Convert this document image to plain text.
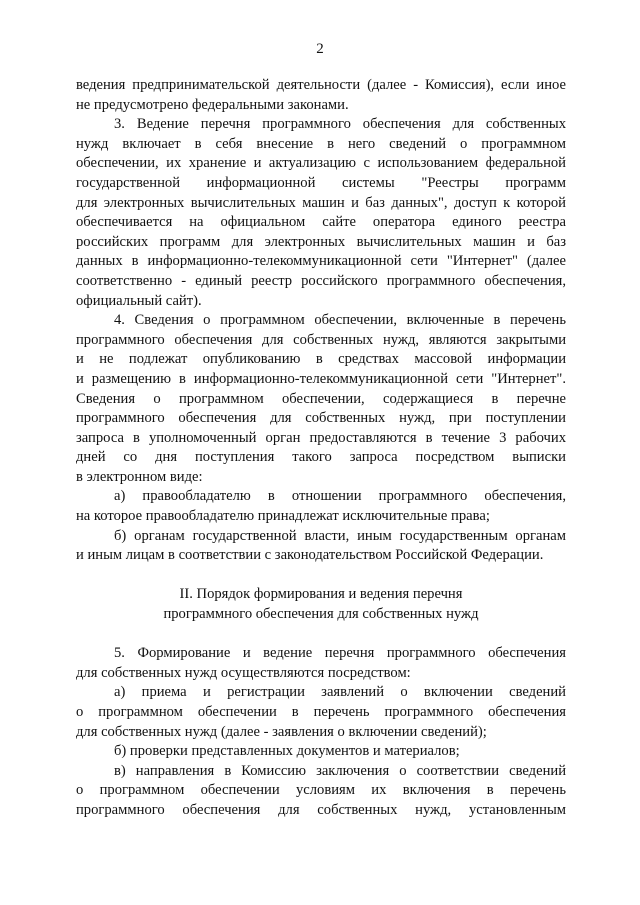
2
ведения предпринимательской деятельности (далее - Комиссия), если иное
не предусмотрено федеральными законами.
3. Ведение перечня программного обеспечения для собственных
нужд включает в себя внесение в него сведений о программном
обеспечении, их хранение и актуализацию с использованием федеральной
государственной информационной системы "Реестры программ
для электронных вычислительных машин и баз данных", доступ к которой
обеспечивается на официальном сайте оператора единого реестра
российских программ для электронных вычислительных машин и баз
данных в информационно-телекоммуникационной сети "Интернет" (далее
соответственно - единый реестр российского программного обеспечения,
официальный сайт).
4. Сведения о программном обеспечении, включенные в перечень
программного обеспечения для собственных нужд, являются закрытыми
и не подлежат опубликованию в средствах массовой информации
и размещению в информационно-телекоммуникационной сети "Интернет".
Сведения о программном обеспечении, содержащиеся в перечне
программного обеспечения для собственных нужд, при поступлении
запроса в уполномоченный орган предоставляются в течение 3 рабочих
дней со дня поступления такого запроса посредством выписки
в электронном виде:
а) правообладателю в отношении программного обеспечения,
на которое правообладателю принадлежат исключительные права;
б) органам государственной власти, иным государственным органам
и иным лицам в соответствии с законодательством Российской Федерации.
II. Порядок формирования и ведения перечня
программного обеспечения для собственных нужд
5. Формирование и ведение перечня программного обеспечения
для собственных нужд осуществляются посредством:
а) приема и регистрации заявлений о включении сведений
о программном обеспечении в перечень программного обеспечения
для собственных нужд (далее - заявления о включении сведений);
б) проверки представленных документов и материалов;
в) направления в Комиссию заключения о соответствии сведений
о программном обеспечении условиям их включения в перечень
программного обеспечения для собственных нужд, установленным
